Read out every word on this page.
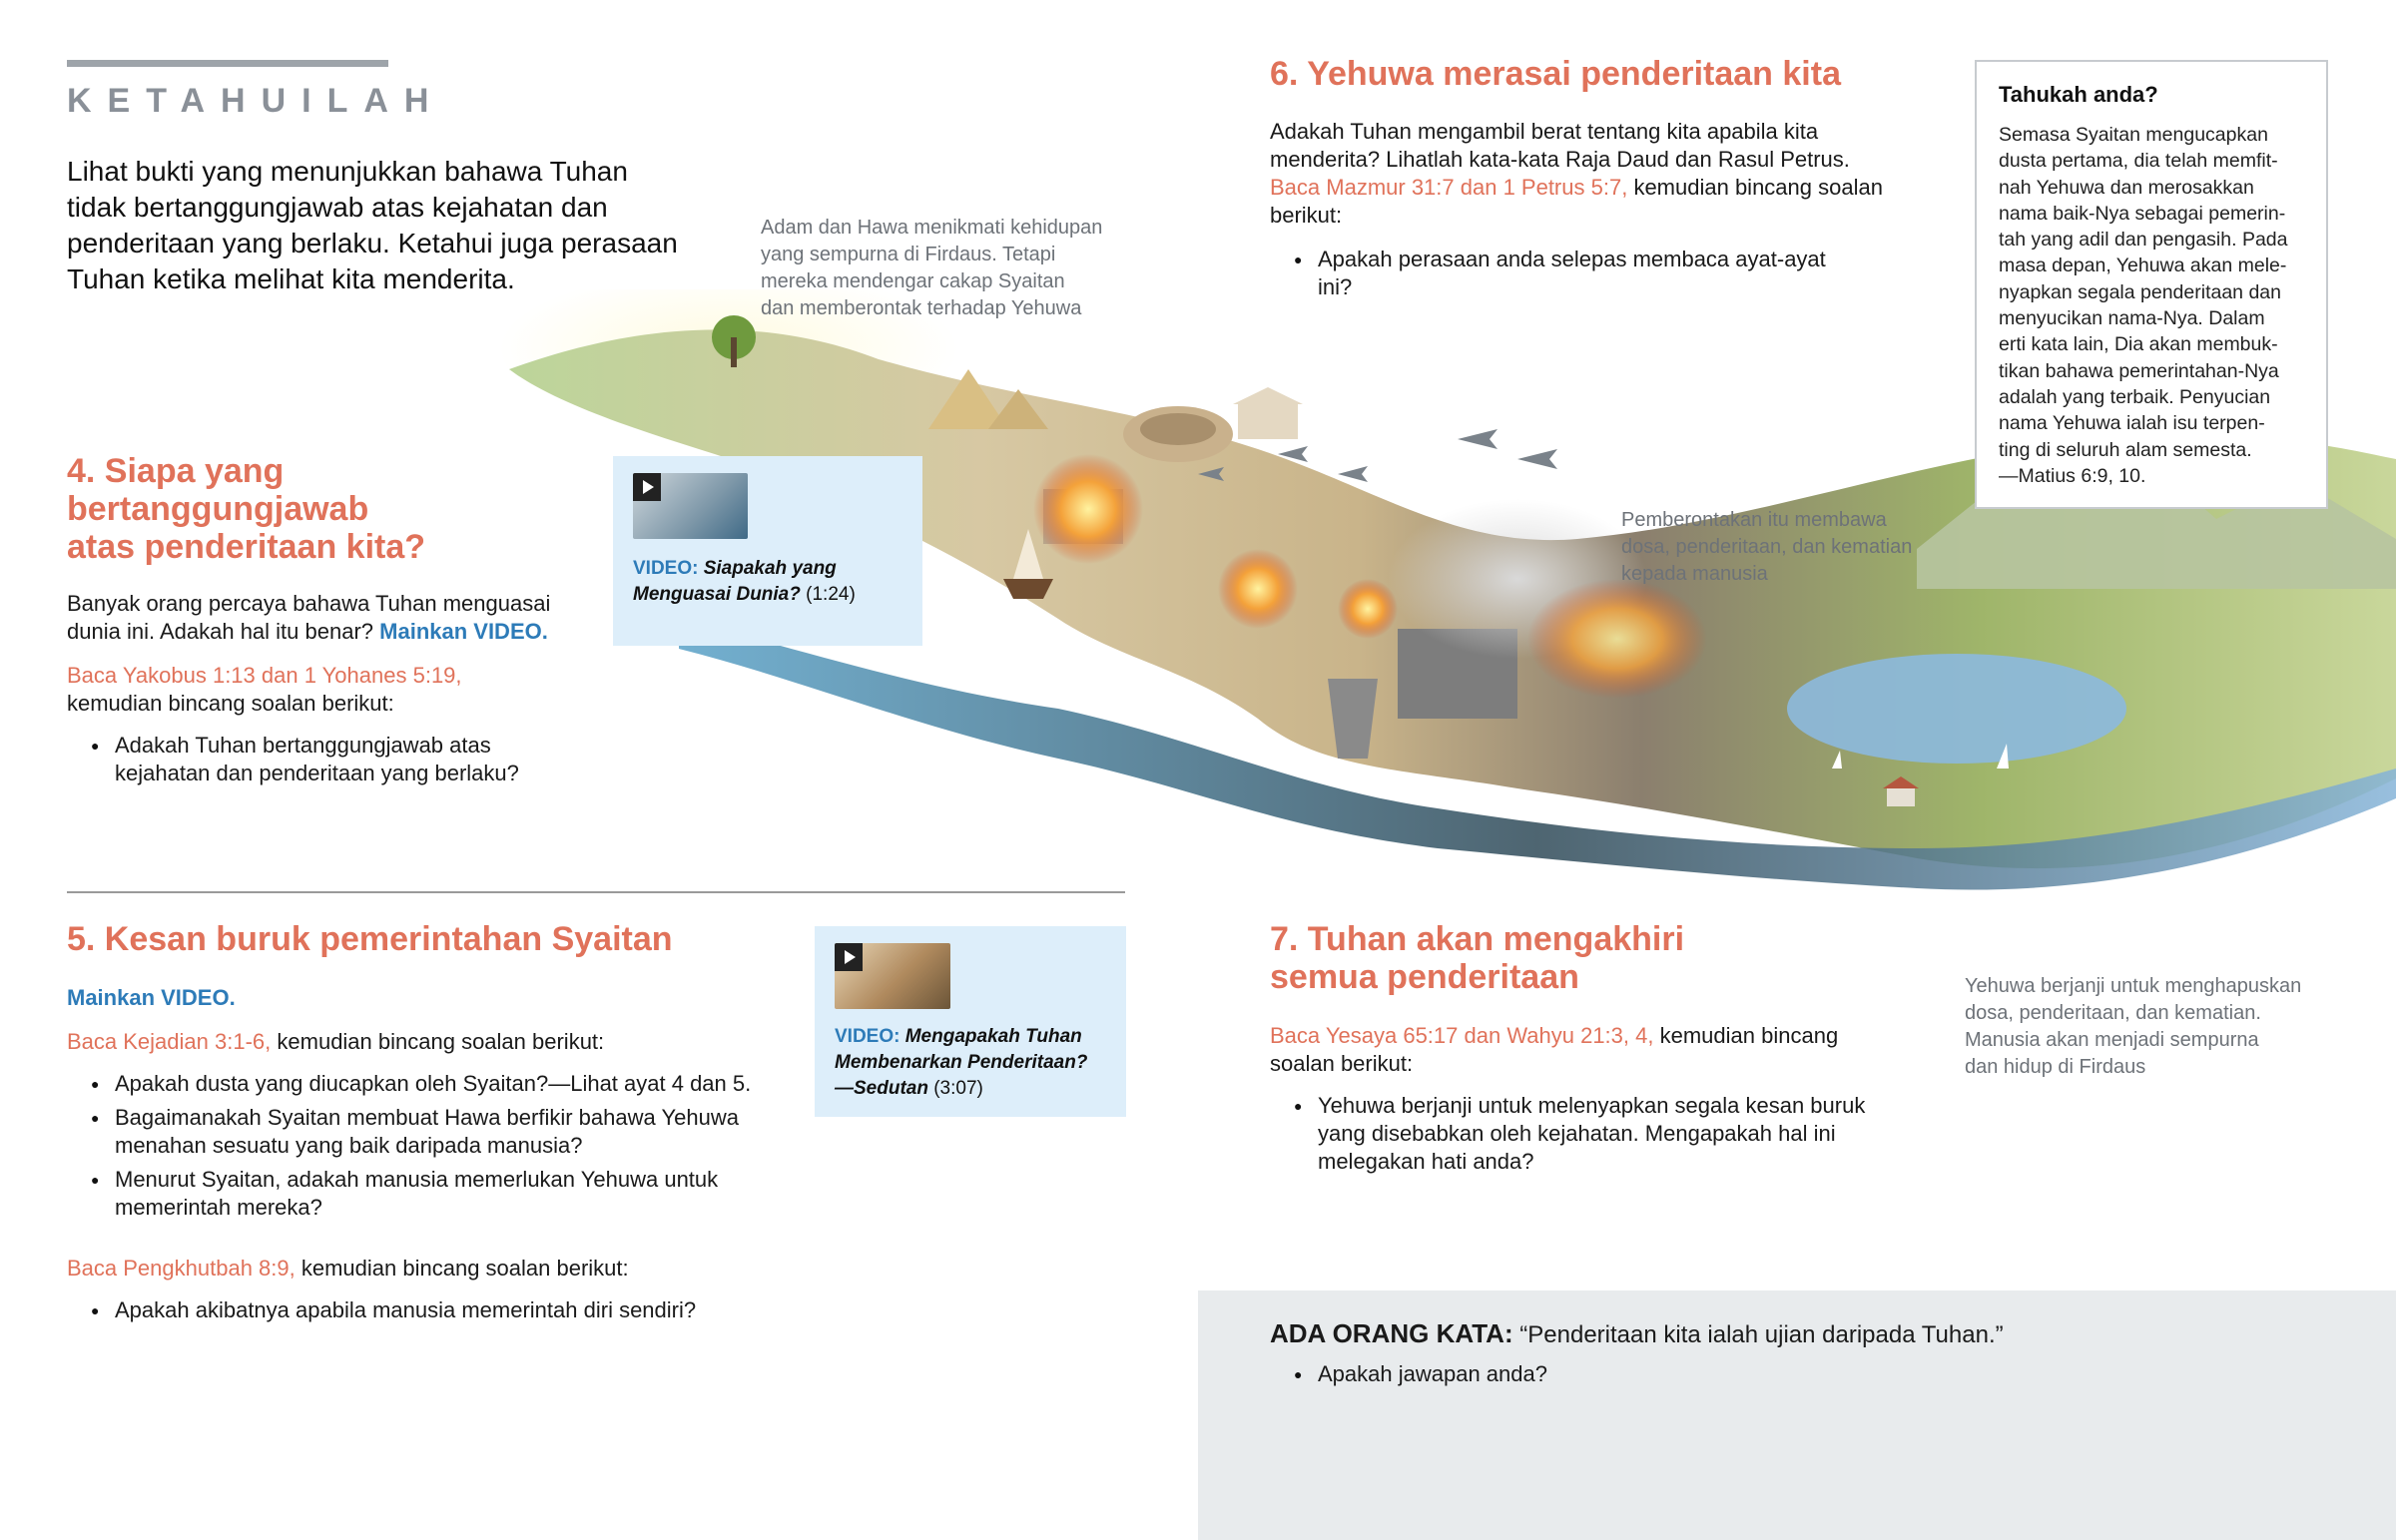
KETAHUILAH

Lihat bukti yang menunjukkan bahawa Tuhan tidak bertanggungjawab atas kejahatan dan penderitaan yang berlaku. Ketahui juga perasaan Tuhan ketika melihat kita menderita.

Adam dan Hawa menikmati kehidupan
yang sempurna di Firdaus. Tetapi
mereka mendengar cakap Syaitan
dan memberontak terhadap Yehuwa
4. Siapa yang
bertanggungjawab
atas penderitaan kita?

Banyak orang percaya bahawa Tuhan menguasai dunia ini. Adakah hal itu benar? Mainkan VIDEO.

Baca Yakobus 1:13 dan 1 Yohanes 5:19,
kemudian bincang soalan berikut:

● Adakah Tuhan bertanggungjawab atas kejahatan dan penderitaan yang berlaku?
VIDEO: Siapakah yang Menguasai Dunia? (1:24)
6. Yehuwa merasai penderitaan kita

Adakah Tuhan mengambil berat tentang kita apabila kita menderita? Lihatlah kata-kata Raja Daud dan Rasul Petrus. Baca Mazmur 31:7 dan 1 Petrus 5:7, kemudian bincang soalan berikut:

● Apakah perasaan anda selepas membaca ayat-ayat ini?
Tahukah anda?

Semasa Syaitan mengucapkan
dusta pertama, dia telah memfit-
nah Yehuwa dan merosakkan
nama baik-Nya sebagai pemerin-
tah yang adil dan pengasih. Pada
masa depan, Yehuwa akan mele-
nyapkan segala penderitaan dan
menyucikan nama-Nya. Dalam
erti kata lain, Dia akan membuk-
tikan bahawa pemerintahan-Nya
adalah yang terbaik. Penyucian
nama Yehuwa ialah isu terpen-
ting di seluruh alam semesta.
—Matius 6:9, 10.

Pemberontakan itu membawa
dosa, penderitaan, dan kematian
kepada manusia
5. Kesan buruk pemerintahan Syaitan
Mainkan VIDEO.

Baca Kejadian 3:1-6, kemudian bincang soalan berikut:

● Apakah dusta yang diucapkan oleh Syaitan?—Lihat ayat 4 dan 5.
● Bagaimanakah Syaitan membuat Hawa berfikir bahawa Yehuwa menahan sesuatu yang baik daripada manusia?
● Menurut Syaitan, adakah manusia memerlukan Yehuwa untuk memerintah mereka?

Baca Pengkhutbah 8:9, kemudian bincang soalan berikut:

● Apakah akibatnya apabila manusia memerintah diri sendiri?
VIDEO: Mengapakah Tuhan Membenarkan Penderitaan?
—Sedutan (3:07)
7. Tuhan akan mengakhiri
semua penderitaan

Baca Yesaya 65:17 dan Wahyu 21:3, 4, kemudian bincang soalan berikut:

● Yehuwa berjanji untuk melenyapkan segala kesan buruk yang disebabkan oleh kejahatan. Mengapakah hal ini melegakan hati anda?
Yehuwa berjanji untuk menghapuskan
dosa, penderitaan, dan kematian.
Manusia akan menjadi sempurna
dan hidup di Firdaus

ADA ORANG KATA: “Penderitaan kita ialah ujian daripada Tuhan.”

● Apakah jawapan anda?
